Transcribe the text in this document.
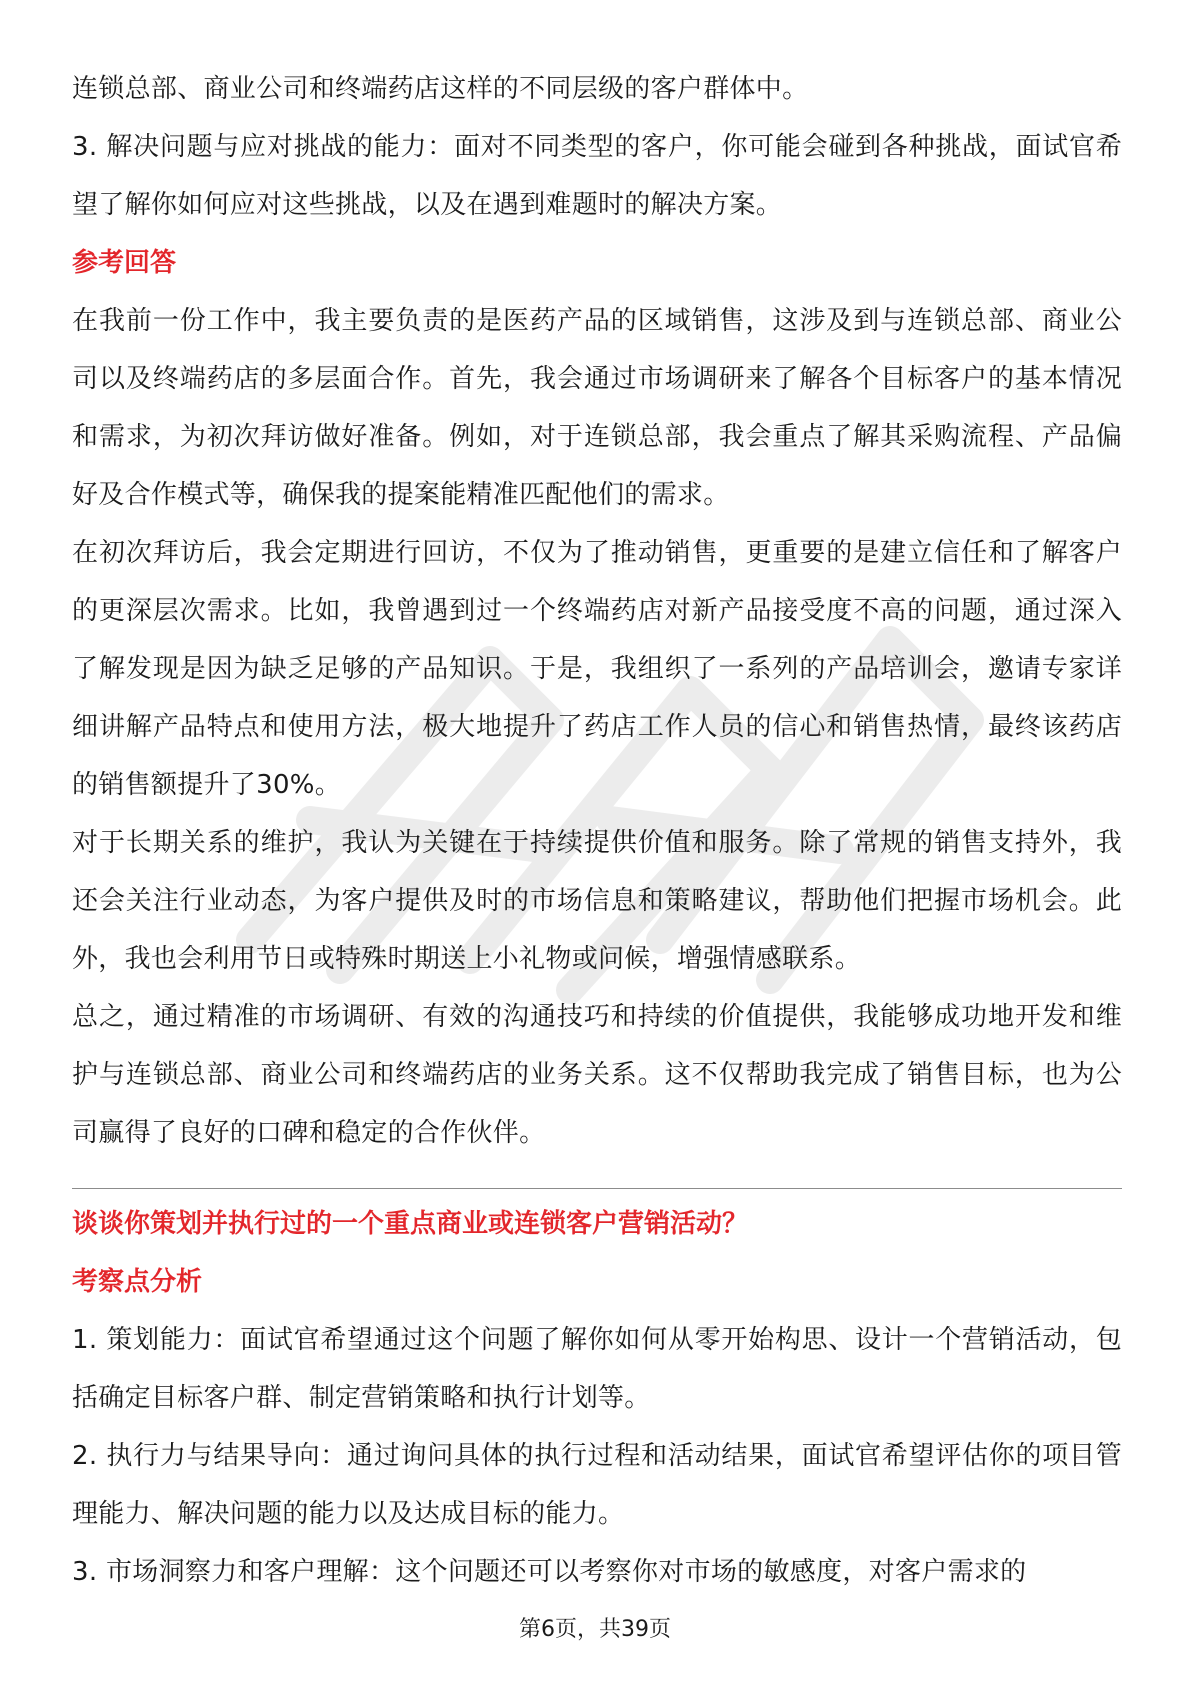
连锁总部、商业公司和终端药店这样的不同层级的客户群体中。

3. 解决问题与应对挑战的能力：面对不同类型的客户，你可能会碰到各种挑战，面试官希望了解你如何应对这些挑战，以及在遇到难题时的解决方案。

参考回答

在我前一份工作中，我主要负责的是医药产品的区域销售，这涉及到与连锁总部、商业公司以及终端药店的多层面合作。首先，我会通过市场调研来了解各个目标客户的基本情况和需求，为初次拜访做好准备。例如，对于连锁总部，我会重点了解其采购流程、产品偏好及合作模式等，确保我的提案能精准匹配他们的需求。

在初次拜访后，我会定期进行回访，不仅为了推动销售，更重要的是建立信任和了解客户的更深层次需求。比如，我曾遇到过一个终端药店对新产品接受度不高的问题，通过深入了解发现是因为缺乏足够的产品知识。于是，我组织了一系列的产品培训会，邀请专家详细讲解产品特点和使用方法，极大地提升了药店工作人员的信心和销售热情，最终该药店的销售额提升了30%。

对于长期关系的维护，我认为关键在于持续提供价值和服务。除了常规的销售支持外，我还会关注行业动态，为客户提供及时的市场信息和策略建议，帮助他们把握市场机会。此外，我也会利用节日或特殊时期送上小礼物或问候，增强情感联系。

总之，通过精准的市场调研、有效的沟通技巧和持续的价值提供，我能够成功地开发和维护与连锁总部、商业公司和终端药店的业务关系。这不仅帮助我完成了销售目标，也为公司赢得了良好的口碑和稳定的合作伙伴。

谈谈你策划并执行过的一个重点商业或连锁客户营销活动？

考察点分析

1. 策划能力：面试官希望通过这个问题了解你如何从零开始构思、设计一个营销活动，包括确定目标客户群、制定营销策略和执行计划等。

2. 执行力与结果导向：通过询问具体的执行过程和活动结果，面试官希望评估你的项目管理能力、解决问题的能力以及达成目标的能力。

3. 市场洞察力和客户理解：这个问题还可以考察你对市场的敏感度，对客户需求的

第6页，共39页
